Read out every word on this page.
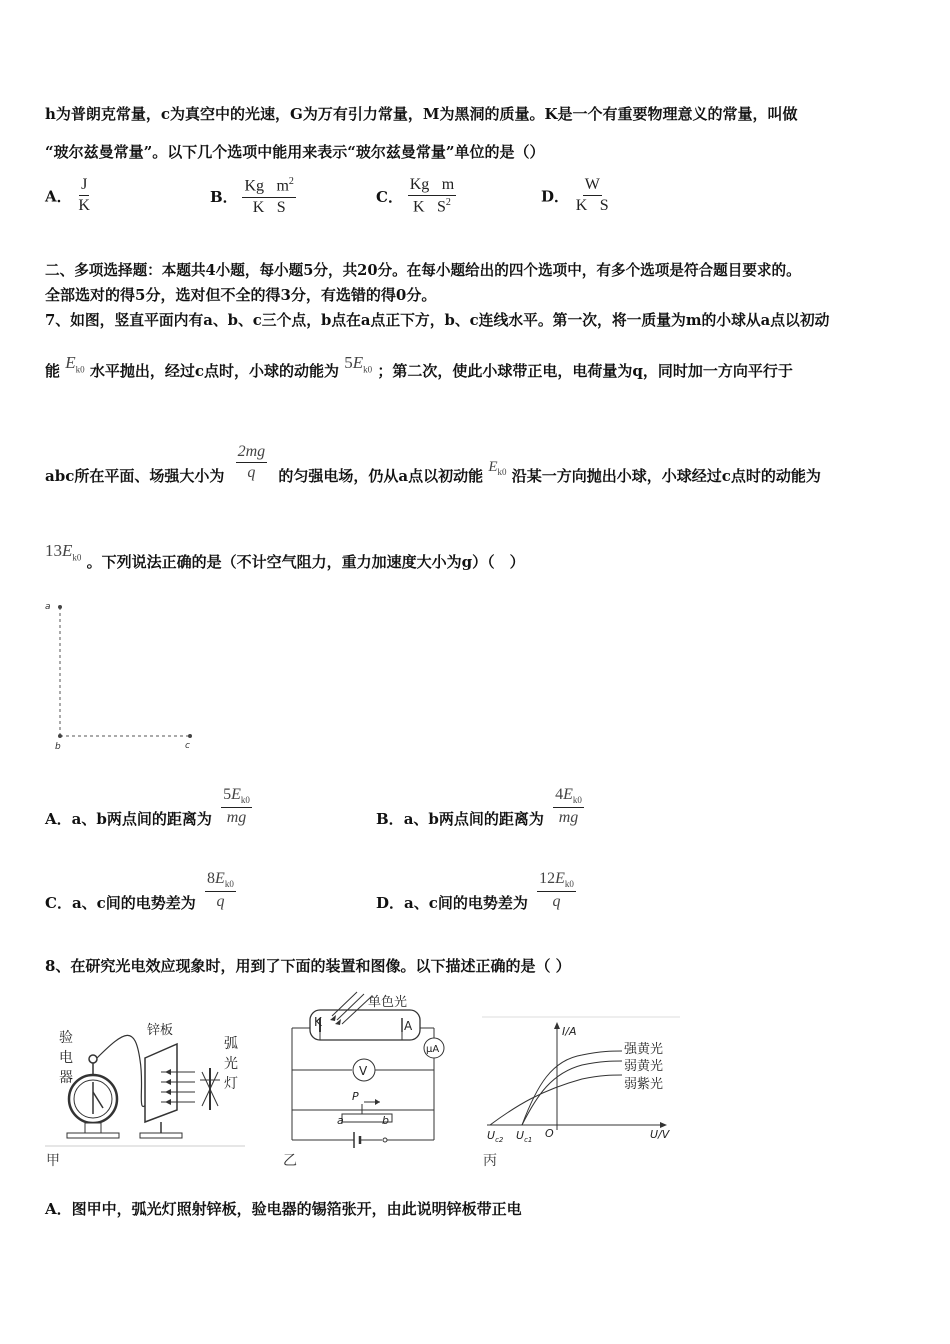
h为普朗克常量，c为真空中的光速，G为万有引力常量，M为黑洞的质量。K是一个有重要物理意义的常量，叫做
“玻尔兹曼常量”。以下几个选项中能用来表示“玻尔兹曼常量”单位的是（）
A． $\frac{J}{K}$	B． $\frac{Kg⃞m^2}{K⃞S}$	C． $\frac{Kg⃞m}{K⃞S^2}$	D． $\frac{W}{K⃞S}$
二、多项选择题：本题共4小题，每小题5分，共20分。在每小题给出的四个选项中，有多个选项是符合题目要求的。
全部选对的得5分，选对但不全的得3分，有选错的得0分。
7、如图，竖直平面内有a、b、c三个点，b点在a点正下方，b、c连线水平。第一次，将一质量为m的小球从a点以初动
能 $E_{k0}$ 水平抛出，经过c点时，小球的动能为 $5E_{k0}$ ；第二次，使此小球带正电，电荷量为q，同时加一方向平行于
abc所在平面、场强大小为 $\frac{2mg}{q}$ 的匀强电场，仍从a点以初动能 $E_{k0}$ 沿某一方向抛出小球，小球经过c点时的动能为
$13E_{k0}$ 。下列说法正确的是（不计空气阻力，重力加速度大小为g）（　）
a
b	c
A．a、b两点间的距离为 $\frac{5E_{k0}}{mg}$	B．a、b两点间的距离为 $\frac{4E_{k0}}{mg}$
C．a、c间的电势差为 $\frac{8E_{k0}}{q}$	D．a、c间的电势差为 $\frac{12E_{k0}}{q}$
8、在研究光电效应现象时，用到了下面的装置和图像。以下描述正确的是（ ）
验
电
器
锌板
弧
光
灯
甲
K
单色光
A
μA
V
P
a	b
乙
I/A
U/V
O
$U_{c2}$ $U_{c1}$
强黄光
弱黄光
弱紫光
丙
A．图甲中，弧光灯照射锌板，验电器的锡箔张开，由此说明锌板带正电
